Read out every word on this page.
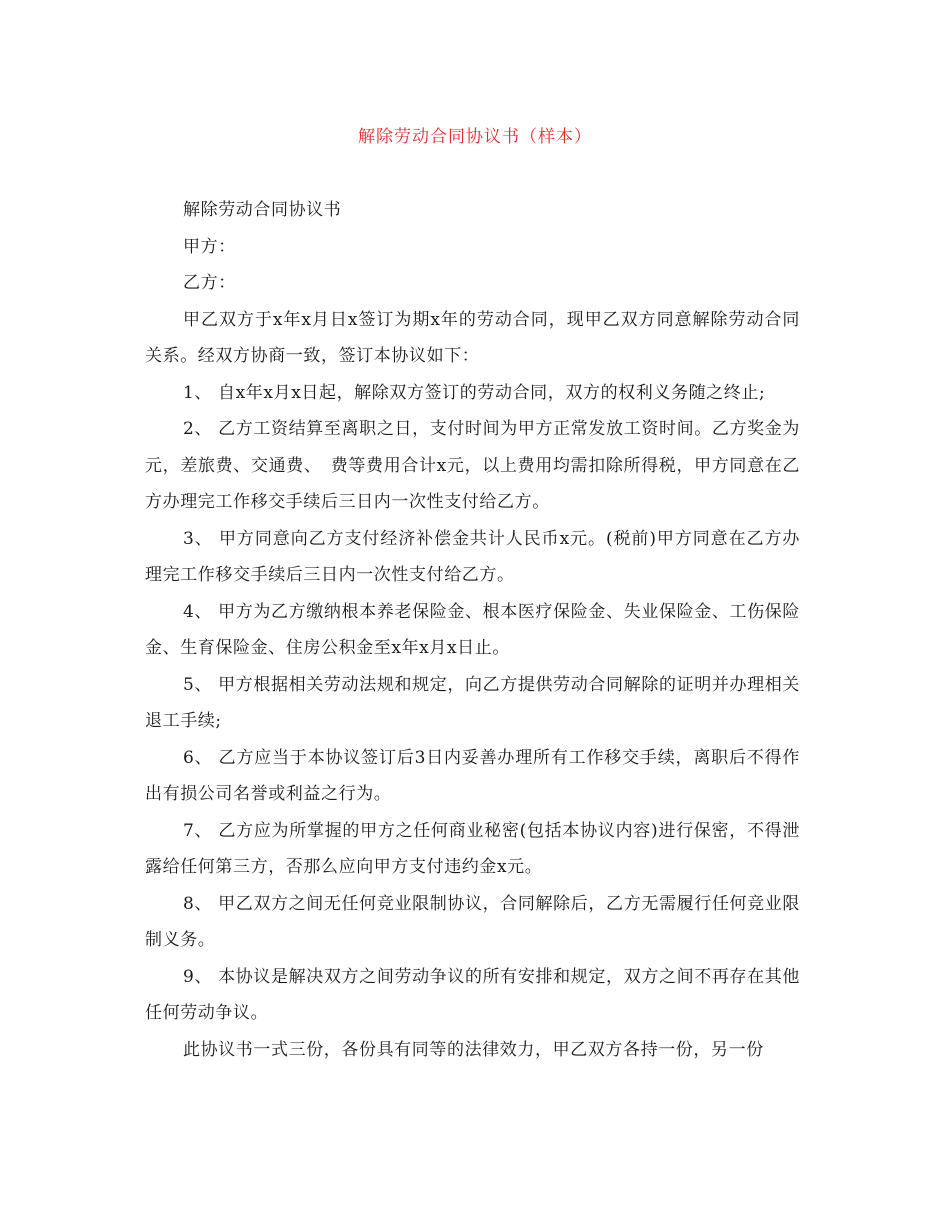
解除劳动合同协议书（样本）

解除劳动合同协议书

甲方：

乙方：

甲乙双方于x年x月日x签订为期x年的劳动合同，现甲乙双方同意解除劳动合同关系。经双方协商一致，签订本协议如下：

1、 自x年x月x日起，解除双方签订的劳动合同，双方的权利义务随之终止;

2、 乙方工资结算至离职之日，支付时间为甲方正常发放工资时间。乙方奖金为元，差旅费、交通费、　费等费用合计x元，以上费用均需扣除所得税，甲方同意在乙方办理完工作移交手续后三日内一次性支付给乙方。

3、 甲方同意向乙方支付经济补偿金共计人民币x元。(税前)甲方同意在乙方办理完工作移交手续后三日内一次性支付给乙方。

4、 甲方为乙方缴纳根本养老保险金、根本医疗保险金、失业保险金、工伤保险金、生育保险金、住房公积金至x年x月x日止。

5、 甲方根据相关劳动法规和规定，向乙方提供劳动合同解除的证明并办理相关退工手续;

6、 乙方应当于本协议签订后3日内妥善办理所有工作移交手续，离职后不得作出有损公司名誉或利益之行为。

7、 乙方应为所掌握的甲方之任何商业秘密(包括本协议内容)进行保密，不得泄露给任何第三方，否那么应向甲方支付违约金x元。

8、 甲乙双方之间无任何竞业限制协议，合同解除后，乙方无需履行任何竞业限制义务。

9、 本协议是解决双方之间劳动争议的所有安排和规定，双方之间不再存在其他任何劳动争议。

此协议书一式三份，各份具有同等的法律效力，甲乙双方各持一份，另一份
